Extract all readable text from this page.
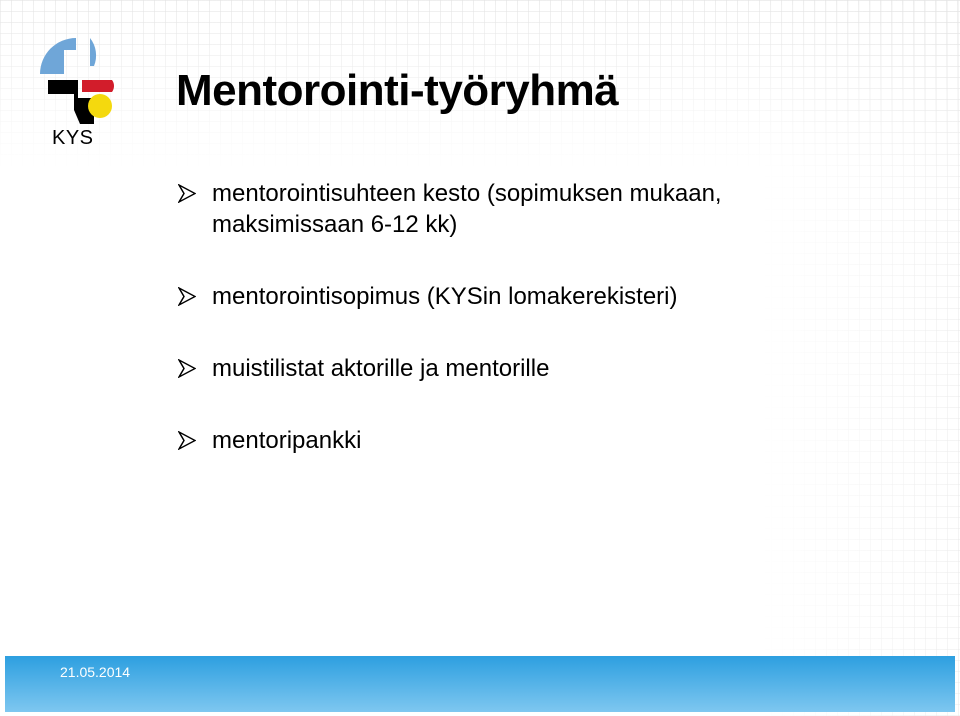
KYS
Mentorointi-työryhmä
mentorointisuhteen kesto (sopimuksen mukaan, maksimissaan 6-12 kk)
mentorointisopimus (KYSin lomakerekisteri)
muistilistat aktorille ja mentorille
mentoripankki
21.05.2014
